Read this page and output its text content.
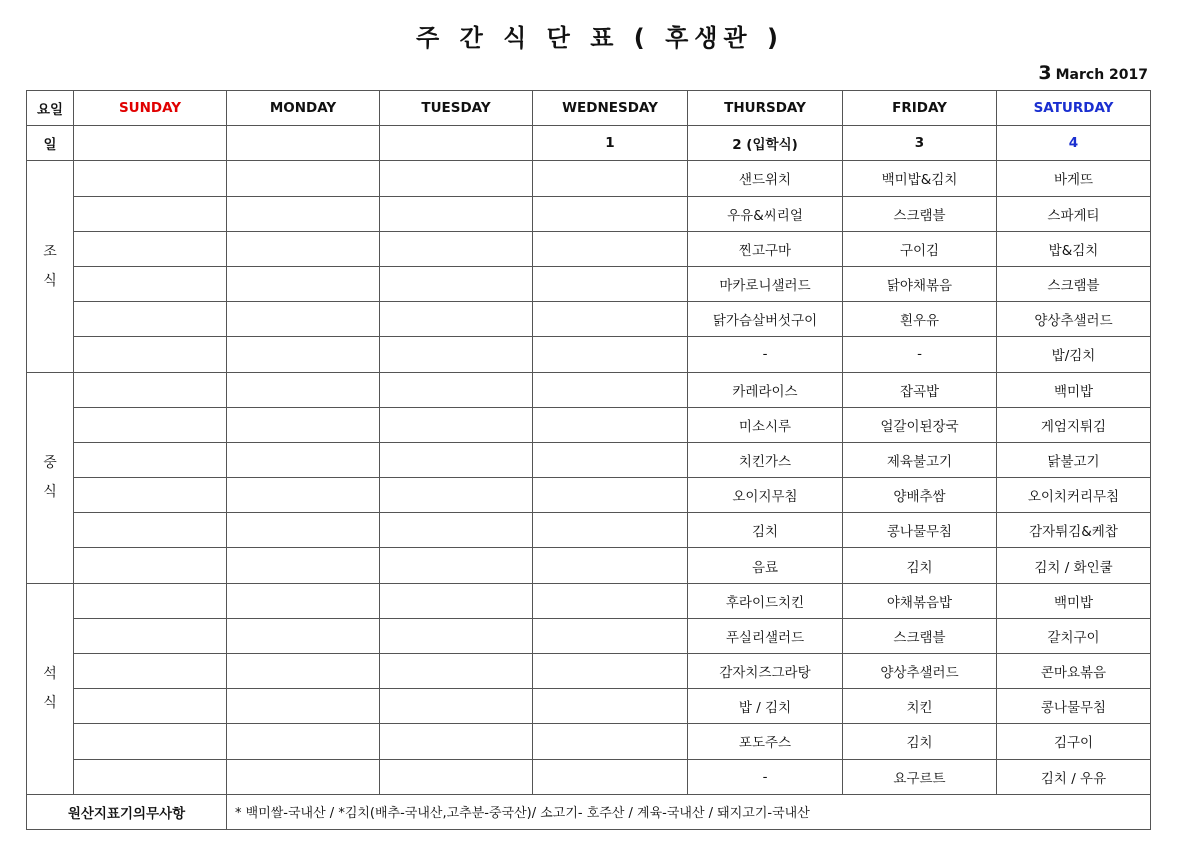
주 간 식 단 표 ( 후생관 )
3 March 2017
요일	SUNDAY	MONDAY	TUESDAY	WEDNESDAY	THURSDAY	FRIDAY	SATURDAY
일				1	2 (입학식)	3	4

조
식					샌드위치	백미밥&김치	바게뜨
					우유&씨리얼	스크램블	스파게티
					찐고구마	구이김	밥&김치
					마카로니샐러드	닭야채볶음	스크램블
					닭가슴살버섯구이	흰우유	양상추샐러드
					-	-	밥/김치

중
식					카레라이스	잡곡밥	백미밥
					미소시루	얼갈이된장국	게엄지튀김
					치킨가스	제육불고기	닭불고기
					오이지무침	양배추쌈	오이치커리무침
					김치	콩나물무침	감자튀김&케찹
					음료	김치	김치 / 화인쿨

석
식					후라이드치킨	야채볶음밥	백미밥
					푸실리샐러드	스크램블	갈치구이
					감자치즈그라탕	양상추샐러드	콘마요볶음
					밥 / 김치	치킨	콩나물무침
					포도주스	김치	김구이
					-	요구르트	김치 / 우유
원산지표기의무사항		* 백미쌀-국내산 / *김치(배추-국내산,고추분-중국산)/ 소고기- 호주산 / 계육-국내산 / 돼지고기-국내산					
